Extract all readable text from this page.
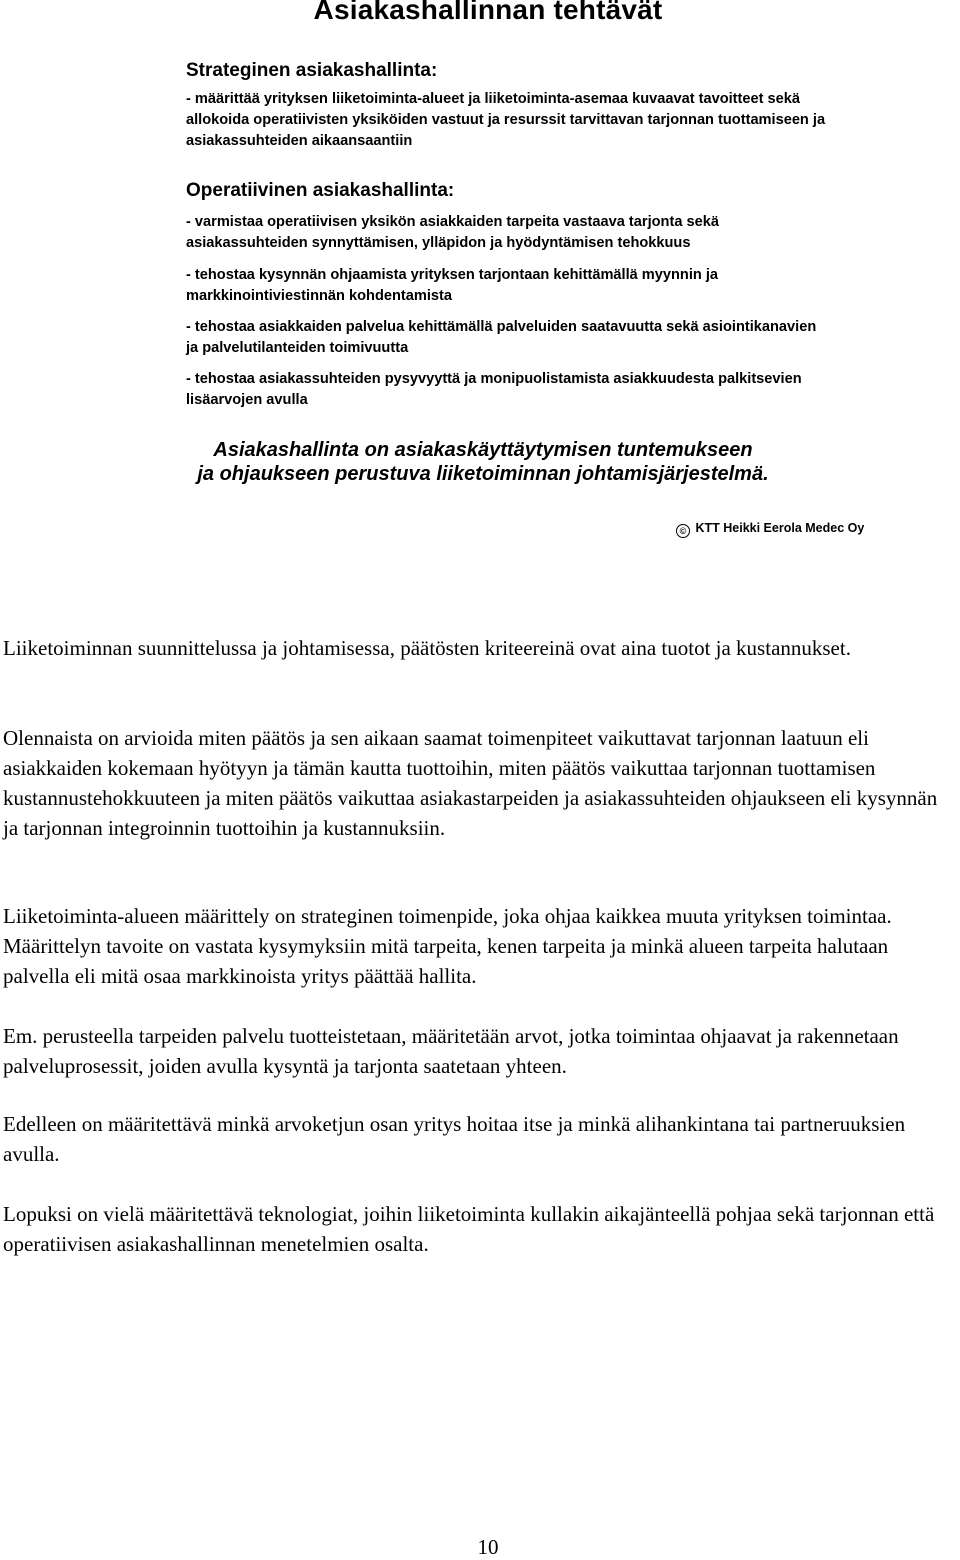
Asiakashallinnan tehtävät
Strateginen asiakashallinta:
- määrittää yrityksen liiketoiminta-alueet ja liiketoiminta-asemaa kuvaavat tavoitteet sekä allokoida operatiivisten yksiköiden vastuut ja resurssit tarvittavan tarjonnan tuottamiseen ja asiakassuhteiden aikaansaantiin
Operatiivinen asiakashallinta:
- varmistaa operatiivisen yksikön asiakkaiden tarpeita vastaava tarjonta sekä asiakassuhteiden synnyttämisen, ylläpidon ja hyödyntämisen tehokkuus
- tehostaa kysynnän ohjaamista yrityksen tarjontaan kehittämällä myynnin ja markkinointiviestinnän kohdentamista
- tehostaa asiakkaiden palvelua kehittämällä palveluiden saatavuutta sekä asiointikanavien ja palvelutilanteiden toimivuutta
- tehostaa asiakassuhteiden pysyvyyttä ja monipuolistamista asiakkuudesta palkitsevien lisäarvojen avulla
Asiakashallinta on asiakaskäyttäytymisen tuntemukseen
ja ohjaukseen perustuva liiketoiminnan johtamisjärjestelmä.
© KTT Heikki Eerola Medec Oy
Liiketoiminnan suunnittelussa ja johtamisessa, päätösten kriteereinä ovat aina tuotot ja kustannukset.
Olennaista on arvioida miten päätös ja sen aikaan saamat toimenpiteet vaikuttavat tarjonnan laatuun eli asiakkaiden kokemaan hyötyyn ja tämän kautta tuottoihin, miten päätös vaikuttaa tarjonnan tuottamisen kustannustehokkuuteen ja miten päätös vaikuttaa asiakastarpeiden ja asiakassuhteiden ohjaukseen eli kysynnän ja tarjonnan integroinnin tuottoihin ja kustannuksiin.
Liiketoiminta-alueen määrittely on strateginen toimenpide, joka ohjaa kaikkea muuta yrityksen toimintaa. Määrittelyn tavoite on vastata kysymyksiin mitä tarpeita, kenen tarpeita ja minkä alueen tarpeita halutaan palvella eli mitä osaa markkinoista yritys päättää hallita.
Em. perusteella tarpeiden palvelu tuotteistetaan, määritetään arvot, jotka toimintaa ohjaavat ja rakennetaan palveluprosessit, joiden avulla kysyntä ja tarjonta saatetaan yhteen.
Edelleen on määritettävä minkä arvoketjun osan yritys hoitaa itse ja minkä alihankintana tai partneruuksien avulla.
Lopuksi on vielä määritettävä teknologiat, joihin liiketoiminta kullakin aikajänteellä pohjaa sekä tarjonnan että operatiivisen asiakashallinnan menetelmien osalta.
10
